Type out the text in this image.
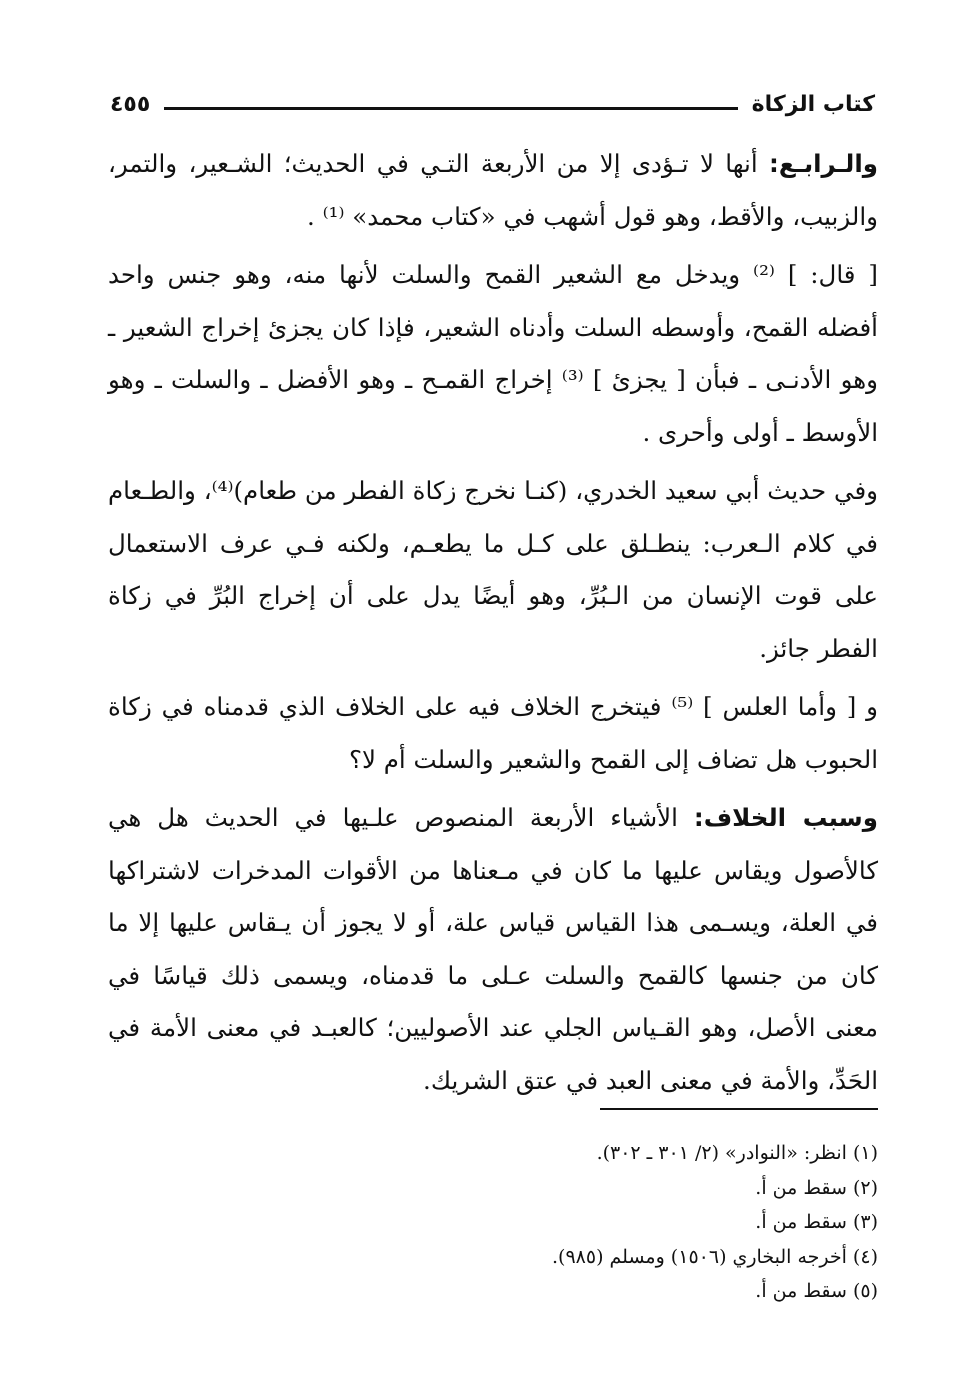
كتاب الزكاة
٤٥٥

والـرابـع: أنها لا تـؤدى إلا من الأربعة التـي في الحديث؛ الشـعير، والتمر، والزبيب، والأقط، وهو قول أشهب في «كتاب محمد» ⁽¹⁾ .

[ قال: ] ⁽²⁾ ويدخل مع الشعير القمح والسلت لأنها منه، وهو جنس واحد أفضله القمح، وأوسطه السلت وأدناه الشعير، فإذا كان يجزئ إخراج الشعير ـ وهو الأدنـى ـ فبأن [ يجزئ ] ⁽³⁾ إخراج القمـح ـ وهو الأفضل ـ والسلت ـ وهو الأوسط ـ أولى وأحرى .

وفي حديث أبي سعيد الخدري، (كنـا نخرج زكاة الفطر من طعام)⁽⁴⁾، والطـعام في كلام الـعرب: ينطـلق على كـل ما يطعـم، ولكنه فـي عرف الاستعمال على قوت الإنسان من الـبُرِّ، وهو أيضًا يدل على أن إخراج البُرِّ في زكاة الفطر جائز.

و [ وأما العلس ] ⁽⁵⁾ فيتخرج الخلاف فيه على الخلاف الذي قدمناه في زكاة الحبوب هل تضاف إلى القمح والشعير والسلت أم لا؟

وسبب الخلاف: الأشياء الأربعة المنصوص علـيها في الحديث هل هي كالأصول ويقاس عليها ما كان في مـعناها من الأقوات المدخرات لاشتراكها في العلة، ويسـمى هذا القياس قياس علة، أو لا يجوز أن يـقاس عليها إلا ما كان من جنسها كالقمح والسلت عـلى ما قدمناه، ويسمى ذلك قياسًا في معنى الأصل، وهو القـياس الجلي عند الأصوليين؛ كالعبـد في معنى الأمة في الحَدِّ، والأمة في معنى العبد في عتق الشريك.

(١) انظر: «النوادر» (٢/ ٣٠١ ـ ٣٠٢).
(٢) سقط من أ.
(٣) سقط من أ.
(٤) أخرجه البخاري (١٥٠٦) ومسلم (٩٨٥).
(٥) سقط من أ.
